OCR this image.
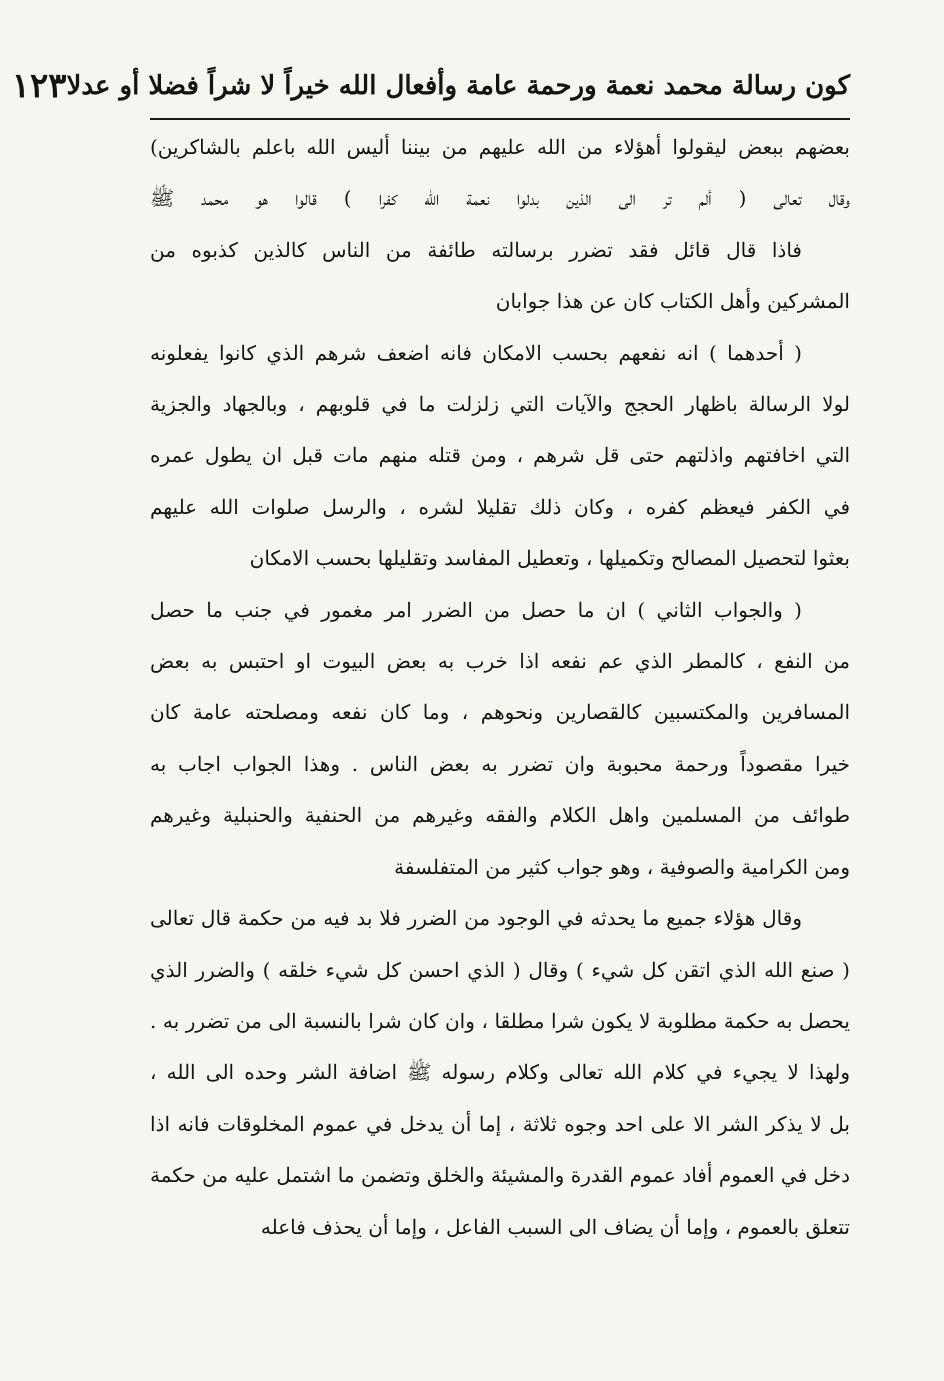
كون رسالة محمد نعمة ورحمة عامة وأفعال الله خيراً لا شراً فضلا أو عدلا
١٢٣
بعضهم ببعض ليقولوا أهؤلاء من الله عليهم من بيننا أليس الله باعلم بالشاكرين)
وقال تعالى ( ألم تر الى الذين بدلوا نعمة الله كفرا ) قالوا هو محمد ﷺ
فاذا قال قائل فقد تضرر برسالته طائفة من الناس كالذين كذبوه من
المشركين وأهل الكتاب كان عن هذا جوابان
( أحدهما ) انه نفعهم بحسب الامكان فانه اضعف شرهم الذي كانوا يفعلونه
لولا الرسالة باظهار الحجج والآيات التي زلزلت ما في قلوبهم ، وبالجهاد والجزية
التي اخافتهم واذلتهم حتى قل شرهم ، ومن قتله منهم مات قبل ان يطول عمره
في الكفر فيعظم كفره ، وكان ذلك تقليلا لشره ، والرسل صلوات الله عليهم
بعثوا لتحصيل المصالح وتكميلها ، وتعطيل المفاسد وتقليلها بحسب الامكان
( والجواب الثاني ) ان ما حصل من الضرر امر مغمور في جنب ما حصل
من النفع ، كالمطر الذي عم نفعه اذا خرب به بعض البيوت او احتبس به بعض
المسافرين والمكتسبين كالقصارين ونحوهم ، وما كان نفعه ومصلحته عامة كان
خيرا مقصوداً ورحمة محبوبة وان تضرر به بعض الناس . وهذا الجواب اجاب به
طوائف من المسلمين واهل الكلام والفقه وغيرهم من الحنفية والحنبلية وغيرهم
ومن الكرامية والصوفية ، وهو جواب كثير من المتفلسفة
وقال هؤلاء جميع ما يحدثه في الوجود من الضرر فلا بد فيه من حكمة قال تعالى
( صنع الله الذي اتقن كل شيء ) وقال ( الذي احسن كل شيء خلقه ) والضرر الذي
يحصل به حكمة مطلوبة لا يكون شرا مطلقا ، وان كان شرا بالنسبة الى من تضرر به .
ولهذا لا يجيء في كلام الله تعالى وكلام رسوله ﷺ اضافة الشر وحده الى الله ،
بل لا يذكر الشر الا على احد وجوه ثلاثة ، إما أن يدخل في عموم المخلوقات فانه اذا
دخل في العموم أفاد عموم القدرة والمشيئة والخلق وتضمن ما اشتمل عليه من حكمة
تتعلق بالعموم ، وإما أن يضاف الى السبب الفاعل ، وإما أن يحذف فاعله
